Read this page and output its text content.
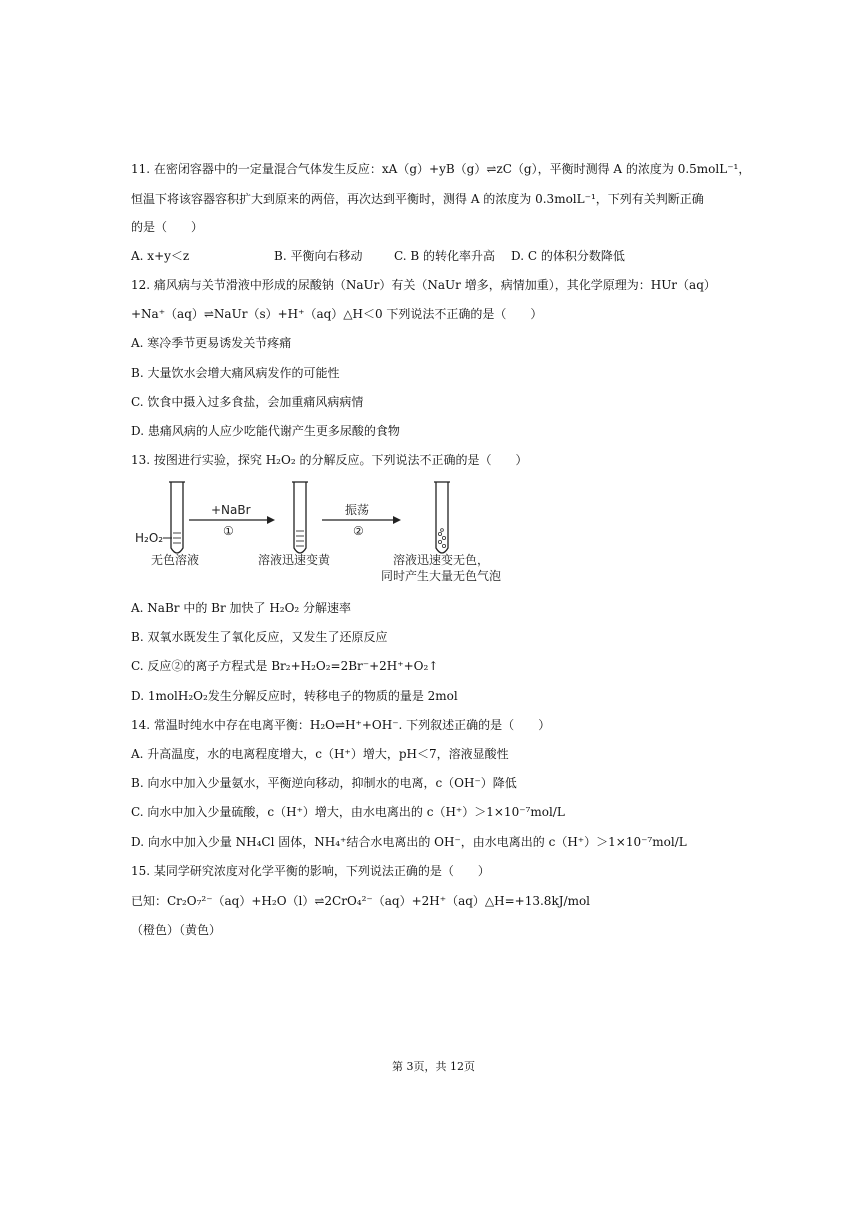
11. 在密闭容器中的一定量混合气体发生反应：xA（g）+yB（g）⇌zC（g），平衡时测得 A 的浓度为 0.5molL⁻¹，
恒温下将该容器容积扩大到原来的两倍，再次达到平衡时，测得 A 的浓度为 0.3molL⁻¹，下列有关判断正确
的是（　　）
A. x+y＜z	B. 平衡向右移动	C. B 的转化率升高 D. C 的体积分数降低
12. 痛风病与关节滑液中形成的尿酸钠（NaUr）有关（NaUr 增多，病情加重），其化学原理为：HUr（aq）
+Na⁺（aq）⇌NaUr（s）+H⁺（aq）△H＜0 下列说法不正确的是（　　）
A. 寒冷季节更易诱发关节疼痛
B. 大量饮水会增大痛风病发作的可能性
C. 饮食中摄入过多食盐，会加重痛风病病情
D. 患痛风病的人应少吃能代谢产生更多尿酸的食物
13. 按图进行实验，探究 H₂O₂ 的分解反应。下列说法不正确的是（　　）
H₂O₂
无色溶液
+NaBr
①
溶液迅速变黄
振荡
②
溶液迅速变无色，
同时产生大量无色气泡
A. NaBr 中的 Br 加快了 H₂O₂ 分解速率
B. 双氧水既发生了氧化反应，又发生了还原反应
C. 反应②的离子方程式是 Br₂+H₂O₂=2Br⁻+2H⁺+O₂↑
D. 1molH₂O₂发生分解反应时，转移电子的物质的量是 2mol
14. 常温时纯水中存在电离平衡：H₂O⇌H⁺+OH⁻. 下列叙述正确的是（　　）
A. 升高温度，水的电离程度增大，c（H⁺）增大，pH＜7，溶液显酸性
B. 向水中加入少量氨水，平衡逆向移动，抑制水的电离，c（OH⁻）降低
C. 向水中加入少量硫酸，c（H⁺）增大，由水电离出的 c（H⁺）＞1×10⁻⁷mol/L
D. 向水中加入少量 NH₄Cl 固体，NH₄⁺结合水电离出的 OH⁻，由水电离出的 c（H⁺）＞1×10⁻⁷mol/L
15. 某同学研究浓度对化学平衡的影响，下列说法正确的是（　　）
已知：Cr₂O₇²⁻（aq）+H₂O（l）⇌2CrO₄²⁻（aq）+2H⁺（aq）△H=+13.8kJ/mol
（橙色）（黄色）
第 3页，共 12页
